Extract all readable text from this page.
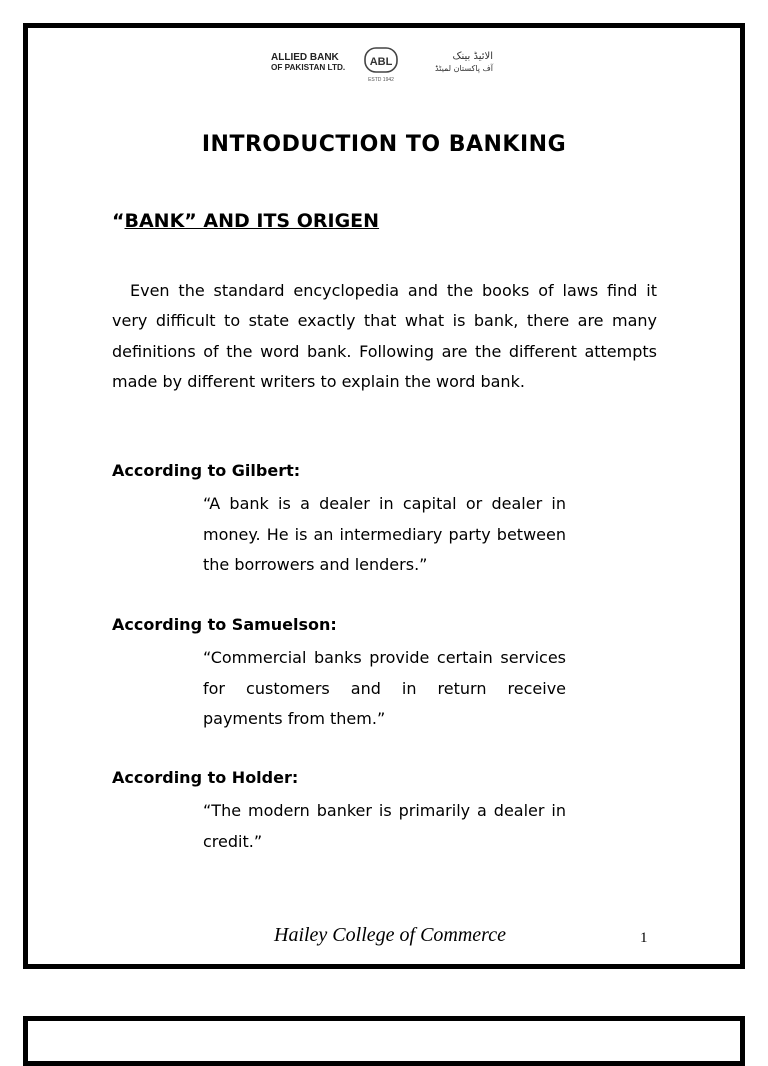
ALLIED BANK
OF PAKISTAN LTD. ABL
ESTD 1942
الائیڈ بینک
آف پاکستان لمیٹڈ
INTRODUCTION TO BANKING
“BANK” AND ITS ORIGEN

Even the standard encyclopedia and the books of laws find it very difficult to state exactly that what is bank, there are many definitions of the word bank. Following are the different attempts made by different writers to explain the word bank.

According to Gilbert:

“A bank is a dealer in capital or dealer in money. He is an intermediary party between the borrowers and lenders.”

According to Samuelson:

“Commercial banks provide certain services for customers and in return receive payments from them.”

According to Holder:

“The modern banker is primarily a dealer in credit.”

Hailey College of Commerce	1
